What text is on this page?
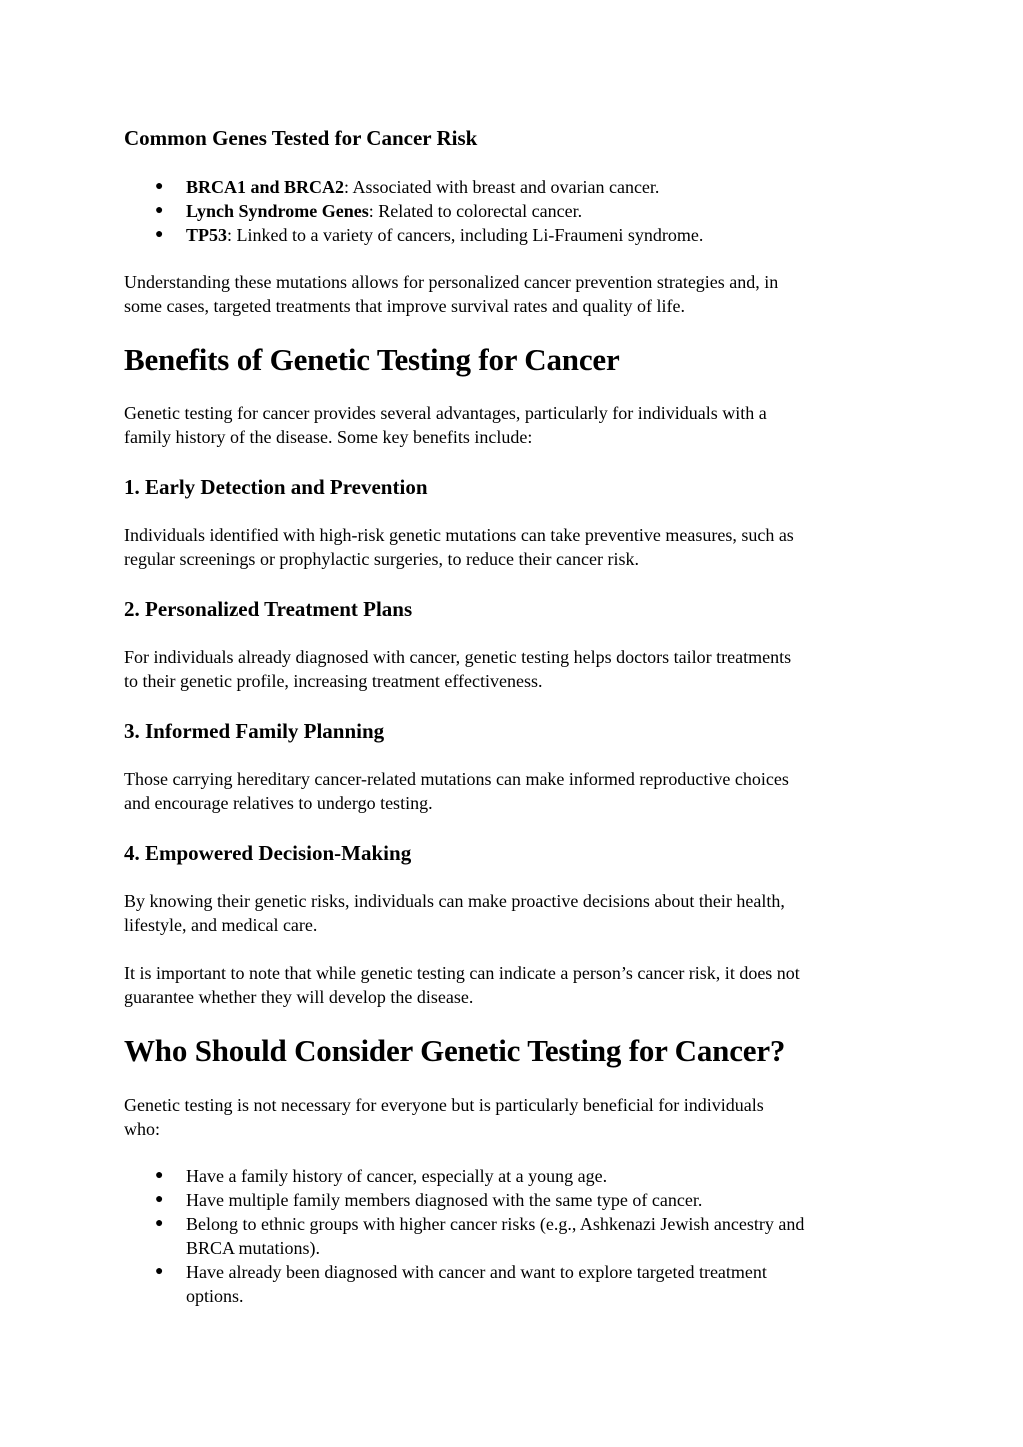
Common Genes Tested for Cancer Risk
● BRCA1 and BRCA2: Associated with breast and ovarian cancer.
● Lynch Syndrome Genes: Related to colorectal cancer.
● TP53: Linked to a variety of cancers, including Li-Fraumeni syndrome.
Understanding these mutations allows for personalized cancer prevention strategies and, in
some cases, targeted treatments that improve survival rates and quality of life.
Benefits of Genetic Testing for Cancer
Genetic testing for cancer provides several advantages, particularly for individuals with a
family history of the disease. Some key benefits include:
1. Early Detection and Prevention
Individuals identified with high-risk genetic mutations can take preventive measures, such as
regular screenings or prophylactic surgeries, to reduce their cancer risk.
2. Personalized Treatment Plans
For individuals already diagnosed with cancer, genetic testing helps doctors tailor treatments
to their genetic profile, increasing treatment effectiveness.
3. Informed Family Planning
Those carrying hereditary cancer-related mutations can make informed reproductive choices
and encourage relatives to undergo testing.
4. Empowered Decision-Making
By knowing their genetic risks, individuals can make proactive decisions about their health,
lifestyle, and medical care.
It is important to note that while genetic testing can indicate a person’s cancer risk, it does not
guarantee whether they will develop the disease.
Who Should Consider Genetic Testing for Cancer?
Genetic testing is not necessary for everyone but is particularly beneficial for individuals
who:
● Have a family history of cancer, especially at a young age.
● Have multiple family members diagnosed with the same type of cancer.
● Belong to ethnic groups with higher cancer risks (e.g., Ashkenazi Jewish ancestry and
BRCA mutations).
● Have already been diagnosed with cancer and want to explore targeted treatment
options.
